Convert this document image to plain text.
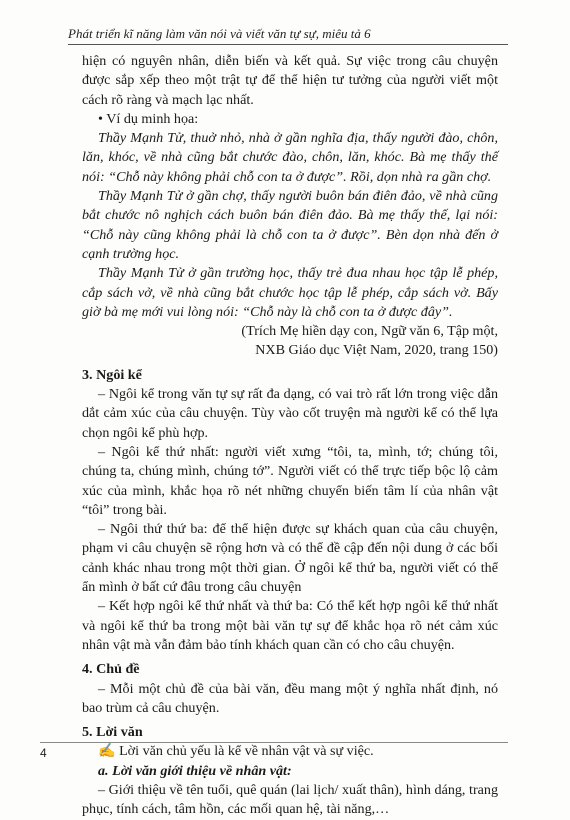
Phát triển kĩ năng làm văn nói và viết văn tự sự, miêu tả 6

hiện có nguyên nhân, diễn biến và kết quả. Sự việc trong câu chuyện được sắp xếp theo một trật tự để thể hiện tư tưởng của người viết một cách rõ ràng và mạch lạc nhất.

• Ví dụ minh họa:

Thầy Mạnh Tử, thuở nhỏ, nhà ở gần nghĩa địa, thấy người đào, chôn, lăn, khóc, về nhà cũng bắt chước đào, chôn, lăn, khóc. Bà mẹ thấy thế nói: “Chỗ này không phải chỗ con ta ở được”. Rồi, dọn nhà ra gần chợ.

Thầy Mạnh Tử ở gần chợ, thấy người buôn bán điên đảo, về nhà cũng bắt chước nô nghịch cách buôn bán điên đảo. Bà mẹ thấy thế, lại nói: “Chỗ này cũng không phải là chỗ con ta ở được”. Bèn dọn nhà đến ở cạnh trường học.

Thầy Mạnh Tử ở gần trường học, thấy trẻ đua nhau học tập lễ phép, cắp sách vở, về nhà cũng bắt chước học tập lễ phép, cắp sách vở. Bấy giờ bà mẹ mới vui lòng nói: “Chỗ này là chỗ con ta ở được đây”.

(Trích Mẹ hiền dạy con, Ngữ văn 6, Tập một,

NXB Giáo dục Việt Nam, 2020, trang 150)

3. Ngôi kể

– Ngôi kể trong văn tự sự rất đa dạng, có vai trò rất lớn trong việc dẫn dắt cảm xúc của câu chuyện. Tùy vào cốt truyện mà người kể có thể lựa chọn ngôi kể phù hợp.

– Ngôi kể thứ nhất: người viết xưng “tôi, ta, mình, tớ; chúng tôi, chúng ta, chúng mình, chúng tớ”. Người viết có thể trực tiếp bộc lộ cảm xúc của mình, khắc họa rõ nét những chuyển biến tâm lí của nhân vật “tôi” trong bài.

– Ngôi thứ thứ ba: để thể hiện được sự khách quan của câu chuyện, phạm vi câu chuyện sẽ rộng hơn và có thể đề cập đến nội dung ở các bối cảnh khác nhau trong một thời gian. Ở ngôi kể thứ ba, người viết có thể ẩn mình ở bất cứ đâu trong câu chuyện

– Kết hợp ngôi kể thứ nhất và thứ ba: Có thể kết hợp ngôi kể thứ nhất và ngôi kể thứ ba trong một bài văn tự sự để khắc họa rõ nét cảm xúc nhân vật mà vẫn đảm bảo tính khách quan cần có cho câu chuyện.

4. Chủ đề

– Mỗi một chủ đề của bài văn, đều mang một ý nghĩa nhất định, nó bao trùm cả câu chuyện.

5. Lời văn

✍ Lời văn chủ yếu là kể về nhân vật và sự việc.

a. Lời văn giới thiệu về nhân vật:

– Giới thiệu về tên tuổi, quê quán (lai lịch/ xuất thân), hình dáng, trang phục, tính cách, tâm hồn, các mối quan hệ, tài năng,…

4
